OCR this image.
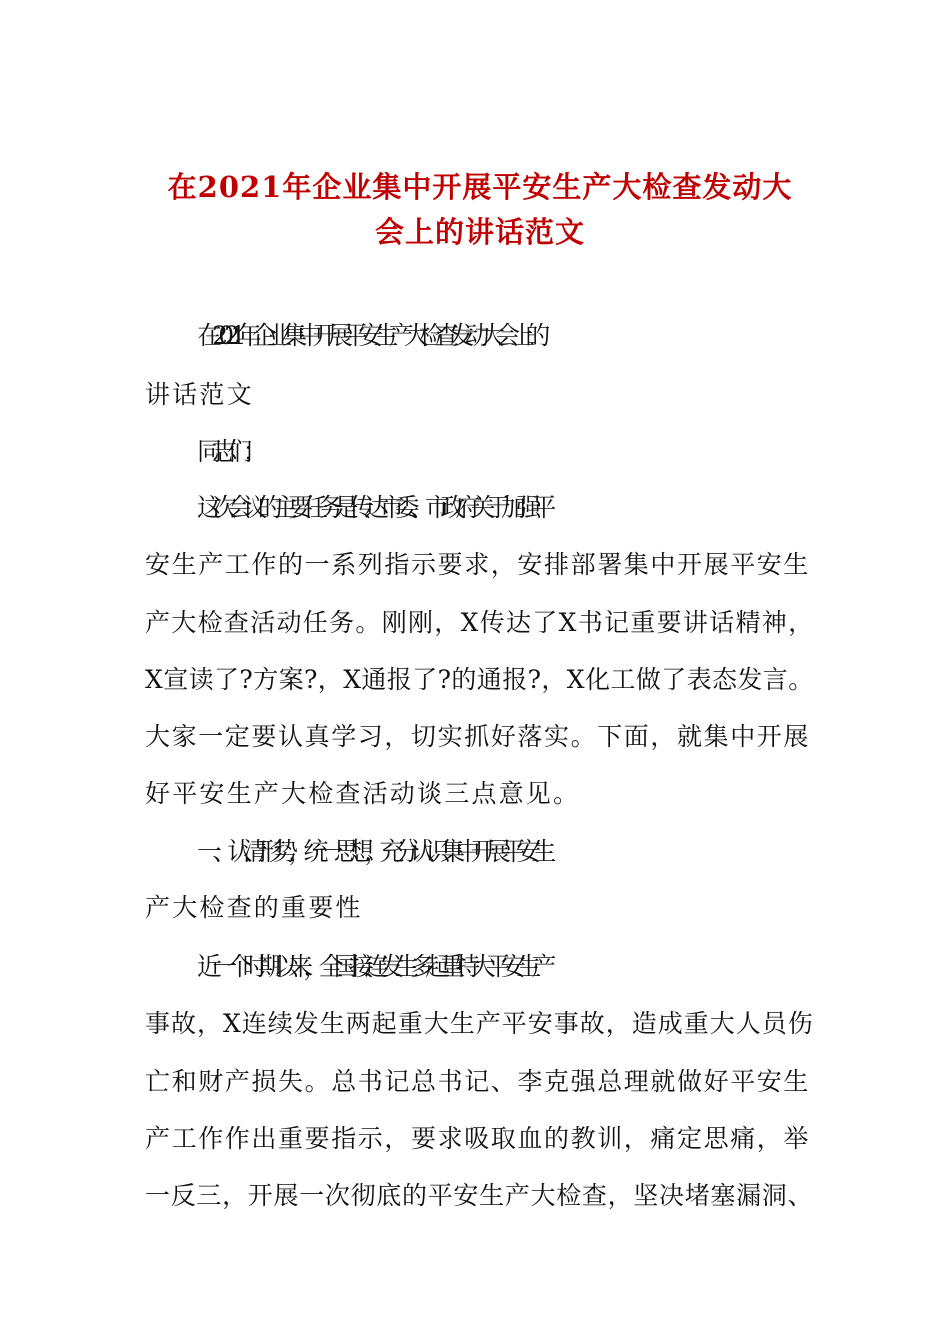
在2021年企业集中开展平安生产大检查发动大
会上的讲话范文
在2021年企业集中开展平安生产大检查发动大会上的
讲话范文
同志们：
这次会议的主要任务是传达市委、市政府关于加强平
安生产工作的一系列指示要求，安排部署集中开展平安生
产大检查活动任务。刚刚，X传达了X书记重要讲话精神，
X宣读了?方案?，X通报了?的通报?，X化工做了表态发言。
大家一定要认真学习，切实抓好落实。下面，就集中开展
好平安生产大检查活动谈三点意见。
一、认清形势，统一思想，充分认识集中开展平安生
产大检查的重要性
近一个时期以来，全国接连发生多起重特大平安生产
事故，X连续发生两起重大生产平安事故，造成重大人员伤
亡和财产损失。总书记总书记、李克强总理就做好平安生
产工作作出重要指示，要求吸取血的教训，痛定思痛，举
一反三，开展一次彻底的平安生产大检查，坚决堵塞漏洞、
